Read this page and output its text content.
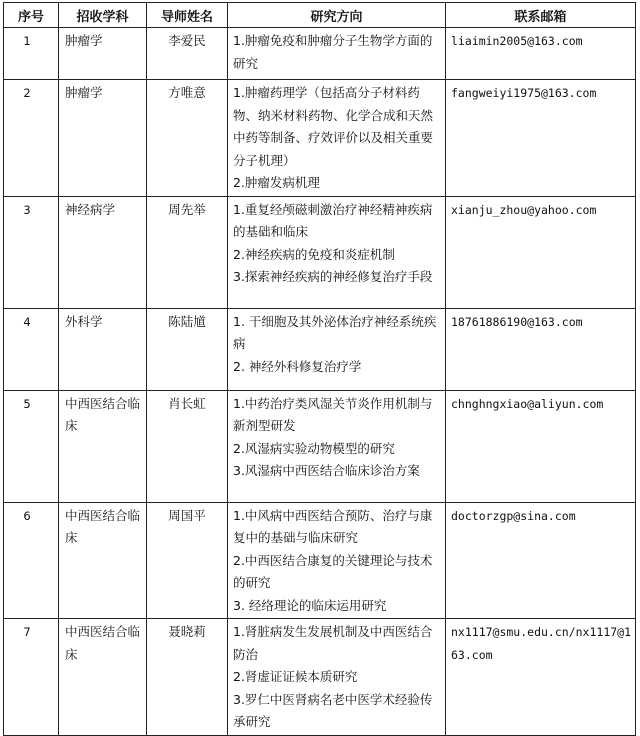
序号	招收学科	导师姓名	研究方向	联系邮箱
1	肿瘤学	李爱民	1.肿瘤免疫和肿瘤分子生物学方面的研究	liaimin2005@163.com
2	肿瘤学	方唯意	1.肿瘤药理学（包括高分子材料药物、纳米材料药物、化学合成和天然中药等制备、疗效评价以及相关重要分子机理）
2.肿瘤发病机理	fangweiyi1975@163.com
3	神经病学	周先举	1.重复经颅磁刺激治疗神经精神疾病的基础和临床
2.神经疾病的免疫和炎症机制
3.探索神经疾病的神经修复治疗手段	xianju_zhou@yahoo.com
4	外科学	陈陆馗	1. 干细胞及其外泌体治疗神经系统疾病
2. 神经外科修复治疗学	18761886190@163.com
5	中西医结合临床	肖长虹	1.中药治疗类风湿关节炎作用机制与新剂型研发
2.风湿病实验动物模型的研究
3.风湿病中西医结合临床诊治方案	chnghngxiao@aliyun.com
6	中西医结合临床	周国平	1.中风病中西医结合预防、治疗与康复中的基础与临床研究
2.中西医结合康复的关键理论与技术的研究
3. 经络理论的临床运用研究	doctorzgp@sina.com
7	中西医结合临床	聂晓莉	1.肾脏病发生发展机制及中西医结合防治
2.肾虚证证候本质研究
3.罗仁中医肾病名老中医学术经验传承研究	nx1117@smu.edu.cn/nx1117@163.com
